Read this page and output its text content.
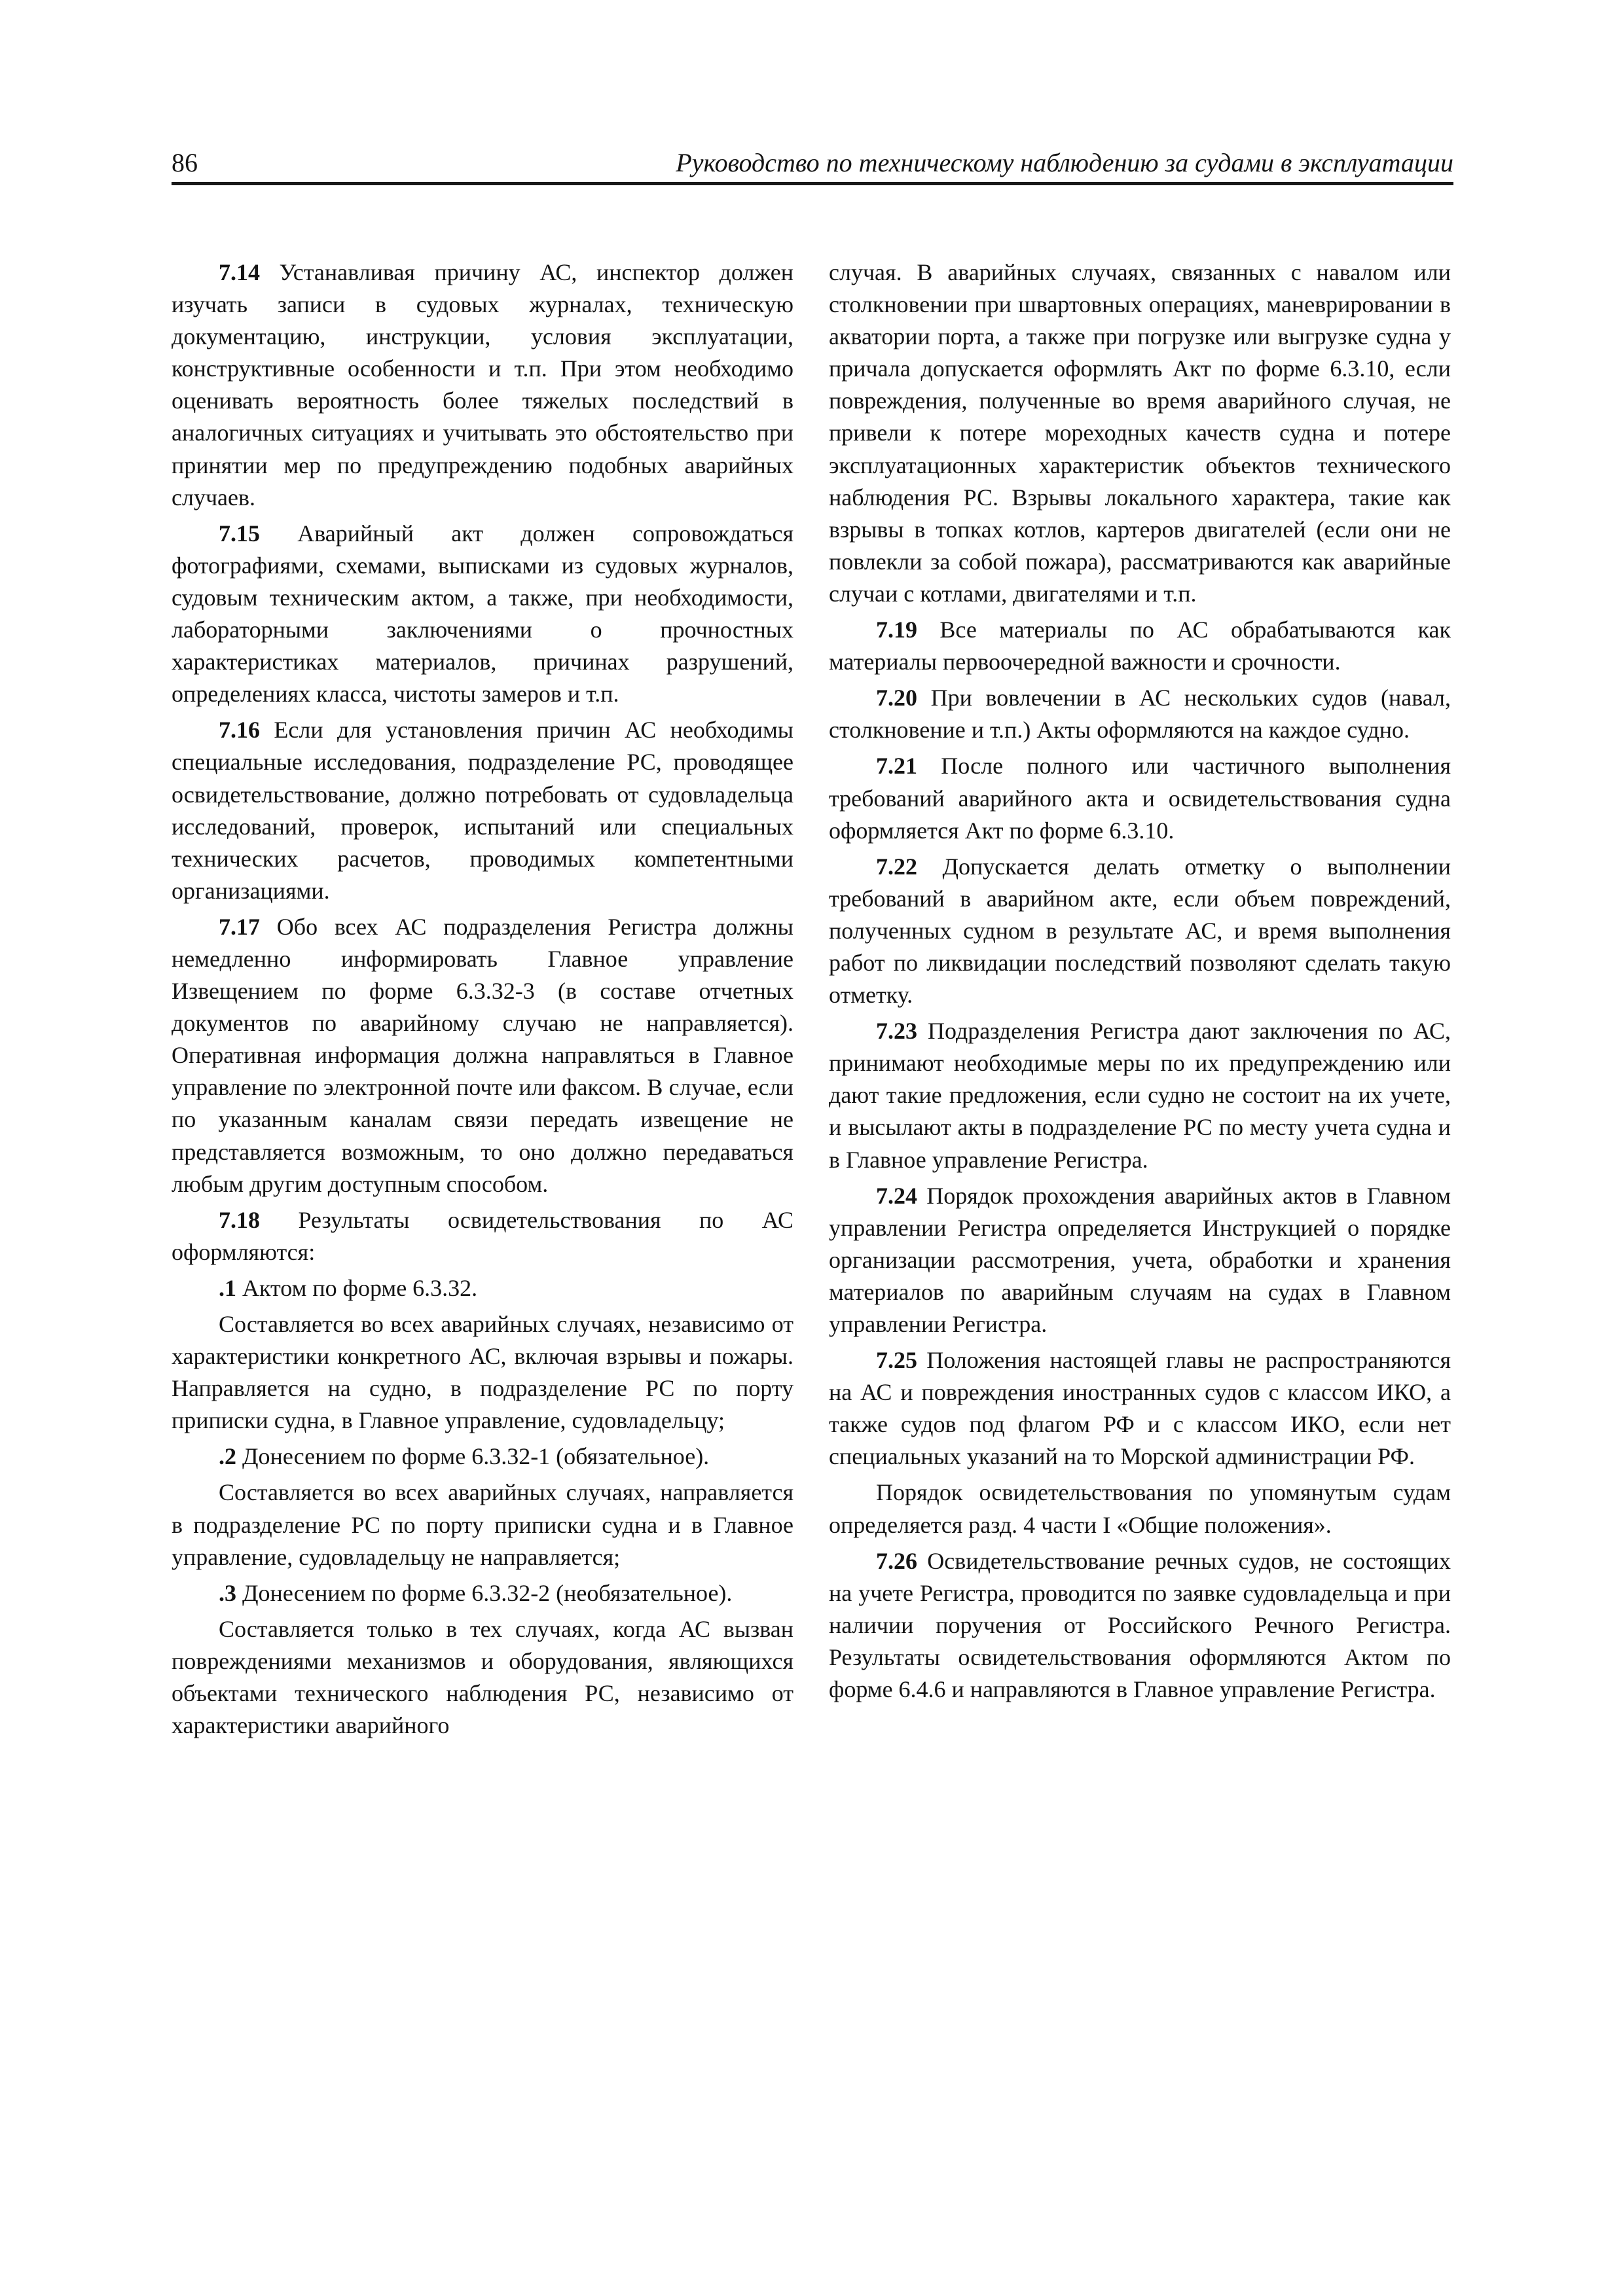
86	Руководство по техническому наблюдению за судами в эксплуатации

7.14 Устанавливая причину АС, инспектор должен изучать записи в судовых журналах, техническую документацию, инструкции, условия эксплуатации, конструктивные особенности и т.п. При этом необходимо оценивать вероятность более тяжелых последствий в аналогичных ситуациях и учитывать это обстоятельство при принятии мер по предупреждению подобных аварийных случаев.

7.15 Аварийный акт должен сопровождаться фотографиями, схемами, выписками из судовых журналов, судовым техническим актом, а также, при необходимости, лабораторными заключениями о прочностных характеристиках материалов, причинах разрушений, определениях класса, чистоты замеров и т.п.

7.16 Если для установления причин АС необходимы специальные исследования, подразделение РС, проводящее освидетельствование, должно потребовать от судовладельца исследований, проверок, испытаний или специальных технических расчетов, проводимых компетентными организациями.

7.17 Обо всех АС подразделения Регистра должны немедленно информировать Главное управление Извещением по форме 6.3.32-3 (в составе отчетных документов по аварийному случаю не направляется). Оперативная информация должна направляться в Главное управление по электронной почте или факсом. В случае, если по указанным каналам связи передать извещение не представляется возможным, то оно должно передаваться любым другим доступным способом.

7.18 Результаты освидетельствования по АС оформляются:

.1 Актом по форме 6.3.32.

Составляется во всех аварийных случаях, независимо от характеристики конкретного АС, включая взрывы и пожары. Направляется на судно, в подразделение РС по порту приписки судна, в Главное управление, судовладельцу;

.2 Донесением по форме 6.3.32-1 (обязательное).

Составляется во всех аварийных случаях, направляется в подразделение РС по порту приписки судна и в Главное управление, судовладельцу не направляется;

.3 Донесением по форме 6.3.32-2 (необязательное).

Составляется только в тех случаях, когда АС вызван повреждениями механизмов и оборудования, являющихся объектами технического наблюдения РС, независимо от характеристики аварийного

случая. В аварийных случаях, связанных с навалом или столкновении при швартовных операциях, маневрировании в акватории порта, а также при погрузке или выгрузке судна у причала допускается оформлять Акт по форме 6.3.10, если повреждения, полученные во время аварийного случая, не привели к потере мореходных качеств судна и потере эксплуатационных характеристик объектов технического наблюдения РС. Взрывы локального характера, такие как взрывы в топках котлов, картеров двигателей (если они не повлекли за собой пожара), рассматриваются как аварийные случаи с котлами, двигателями и т.п.

7.19 Все материалы по АС обрабатываются как материалы первоочередной важности и срочности.

7.20 При вовлечении в АС нескольких судов (навал, столкновение и т.п.) Акты оформляются на каждое судно.

7.21 После полного или частичного выполнения требований аварийного акта и освидетельствования судна оформляется Акт по форме 6.3.10.

7.22 Допускается делать отметку о выполнении требований в аварийном акте, если объем повреждений, полученных судном в результате АС, и время выполнения работ по ликвидации последствий позволяют сделать такую отметку.

7.23 Подразделения Регистра дают заключения по АС, принимают необходимые меры по их предупреждению или дают такие предложения, если судно не состоит на их учете, и высылают акты в подразделение РС по месту учета судна и в Главное управление Регистра.

7.24 Порядок прохождения аварийных актов в Главном управлении Регистра определяется Инструкцией о порядке организации рассмотрения, учета, обработки и хранения материалов по аварийным случаям на судах в Главном управлении Регистра.

7.25 Положения настоящей главы не распространяются на АС и повреждения иностранных судов с классом ИКО, а также судов под флагом РФ и с классом ИКО, если нет специальных указаний на то Морской администрации РФ.

Порядок освидетельствования по упомянутым судам определяется разд. 4 части I «Общие положения».

7.26 Освидетельствование речных судов, не состоящих на учете Регистра, проводится по заявке судовладельца и при наличии поручения от Российского Речного Регистра. Результаты освидетельствования оформляются Актом по форме 6.4.6 и направляются в Главное управление Регистра.
